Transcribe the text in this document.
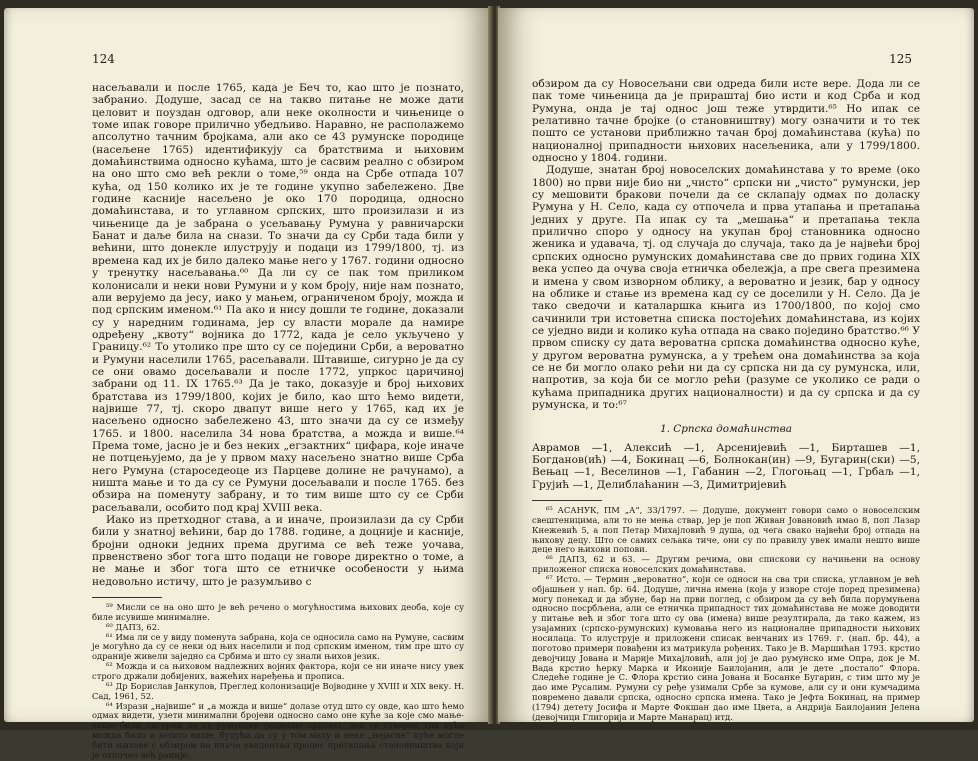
124

насељавали и после 1765, када је Беч то, као што је познато, забранио. Додуше, засад се на такво питање не може дати целовит и поуздан одговор, али неке околности и чињенице о томе ипак говоре прилично убедљиво. Наравно, не располажемо апсолутно тачним бројкама, али ако се 43 румунске породице (насељене 1765) идентификују са братствима и њиховим домаћинствима односно кућама, што је сасвим реално с обзиром на оно што смо већ рекли о томе,⁵⁹ онда на Србе отпада 107 кућа, од 150 колико их је те године укупно забележено. Две године касније насељено је око 170 породица, односно домаћинстава, и то углавном српских, што произилази и из чињенице да је забрана о усељавању Румуна у равничарски Банат и даље била на снази. То значи да су Срби тада били у већини, што донекле илуструју и подаци из 1799/1800, тј. из времена кад их је било далеко мање него у 1767. години односно у тренутку насељавања.⁶⁰ Да ли су се пак том приликом колонисали и неки нови Румуни и у ком броју, није нам познато, али верујемо да јесу, иако у мањем, ограниченом броју, можда и под српским именом.⁶¹ Па ако и нису дошли те године, доказали су у наредним годинама, јер су власти морале да намире одређену „квоту“ војника до 1772, када је село укључено у Границу.⁶² То утолико пре што су се поједини Срби, а вероватно и Румуни населили 1765, расељавали. Штавише, сигурно је да су се они овамо досељавали и после 1772, упркос царичиној забрани од 11. IX 1765.⁶³ Да је тако, доказује и број њихових братстава из 1799/1800, којих је било, као што ћемо видети, највише 77, тј. скоро двапут више него у 1765, кад их је насељено односно забележено 43, што значи да су се између 1765. и 1800. населила 34 нова братства, а можда и више.⁶⁴ Према томе, јасно је и без неких „егзактних“ цифара, које иначе не потцењујемо, да је у првом маху насељено знатно више Срба него Румуна (староседеоце из Парцеве долине не рачунамо), а ништа мање и то да су се Румуни досељавали и после 1765. без обзира на поменуту забрану, и то тим више што су се Срби расељавали, особито под крај XVIII века.

Иако из претходног става, а и иначе, произилази да су Срби били у знатној већини, бар до 1788. године, а доцније и касније, бројни одноки једних према другима се већ теже уочава, првенствено због тога што подаци не говоре директно о томе, а не мање и због тога што се етничке особености у њима недовољно истичу, што је разумљиво с

⁵⁹ Мисли се на оно што је већ речено о могућностима њихових деоба, које су биле исувише минималне.

⁶⁰ ДАПЗ, 62.

⁶¹ Има ли се у виду поменута забрана, која се односила само на Румуне, сасвим је могућно да су се неки од њих населили и под српским именом, тим пре што су одраније живели заједно са Србима и што су знали њихов језик.

⁶² Можда и са њиховом надлежних војних фактора, који се ни иначе нису увек строго држали добијених, важећих наређења и прописа.

⁶³ Др Борислав Јанкулов, Преглед колонизације Војводине у XVIII и XIX веку. Н. Сад, 1961, 52.

⁶⁴ Изрази „највише“ и „а можда и више“ долазе отуд што су овде, као што ћемо одмах видети, узети минимални бројеви односно само оне куће за које смо мање-више били сигурни да су румунске (односно српске), док се стварно тих кућа можда било и нешто више, будући да су у том маху и неке „нејасне“ куће могле бити њихове с обзиром на иначе евидентан процес претапања становништва који је отпочео већ раније.

125

обзиром да су Новосељани сви одреда били исте вере. Дода ли се пак томе чињеница да је прираштај био исти и код Срба и код Румуна, онда је тај однос још теже утврдити.⁶⁵ Но ипак се релативно тачне бројке (о становништву) могу означити и то тек пошто се установи приближно тачан број домаћинстава (кућа) по националној припадности њихових насељеника, али у 1799/1800. односно у 1804. години.

Додуше, знатан број новоселских домаћинстава у то време (око 1800) но први није био ни „чисто“ српски ни „чисто“ румунски, јер су мешовити бракови почели да се склапају одмах по доласку Румуна у Н. Село, када су отпочела и прва утапања и претапања једних у друге. Па ипак су та „мешања“ и претапања текла прилично споро у односу на укупан број становника односно женика и удавача, тј. од случаја до случаја, тако да је највећи број српских односно румунских домаћинстава све до првих година XIX века успео да очува своја етничка обележја, а пре свега презимена и имена у свом изворном облику, а вероватно и језик, бар у односу на облике и стање из времена кад су се доселили у Н. Село. Да је тако сведочи и каталаршка књига из 1700/1800, по којој смо сачинили три истоветна списка постојећих домаћинстава, из којих се уједно види и колико кућа отпада на свако поједино братство.⁶⁶ У првом списку су дата вероватна српска домаћинства односно куће, у другом вероватна румунска, а у трећем она домаћинства за која се не би могло олако рећи ни да су српска ни да су румунска, или, напротив, за која би се могло рећи (разуме се уколико се ради о кућама припадника других националности) и да су српска и да су румунска, и то:⁶⁷

1. Српска домаћинства

Аврамов —1, Алексић —1, Арсенијевић —1, Бирташев —1, Богданов(ић) —4, Бокинац —6, Болнокан(ин) —9, Бугарин(ски) —5, Вењац —1, Веселинов —1, Габанин —2, Глогоњац —1, Грбаљ —1, Грујић —1, Делиблаћанин —3, Димитријевић

⁶⁵ АСАНУК, ПМ „А“, 33/1797. — Додуше, документ говори само о новоселским свештеницима, али то не мења ствар, јер је поп Живан Јовановић имао 8, поп Лазар Кнежевић 5, а поп Петар Михајловић 9 душа, од чега свако највећи број отпада на њихову децу. Што се самих сељака тиче, они су по правилу увек имали нешто више деце него њихови попови.

⁶⁶ ДАПЗ, 62 и 63. — Другим речима, ови спискови су начињени на основу приложеног списка новоселских домаћинстава.

⁶⁷ Исто. — Термин „вероватно“, који се односи на сва три списка, углавном је већ објашњен у нап. бр. 64. Додуше, лична имена (која у изворе стоје поред презимена) могу понекад и да збуне, бар на први поглед, с обзиром да су већ била порумуњена односно посрбљена, али се етничка припадност тих домаћинстава не може доводити у питање већ и због тога што су ова (имена) више резултирала, да тако кажем, из узајамних (српско-румунских) кумовања него из националне припадности њихових носилаца. То илуструје и приложени списак венчаних из 1769. г. (нап. бр. 44), а поготово примери повађени из матрикула рођених. Тако је В. Маршићан 1793. крстио девојчицу Јована и Марије Михајловић, али јој је дао румунско име Опра, док је М. Вада крстио ћерку Марка и Иконије Баилојанин, али је дете „постало“ Флора. Следеће године је С. Флора крстио сина Јована и Босанке Бугарин, с тим што му је дао име Русалим. Румуни су ређе узимали Србе за кумове, али су и они кумчадима повремено давали српска, односно српска имена. Тако је Јефта Бокинац, на пример (1794) детету Јосифа и Марте Фокшан дао име Цвета, а Андрија Баилојанин Јелена (девојчици Глигорија и Марте Манарац) итд.
